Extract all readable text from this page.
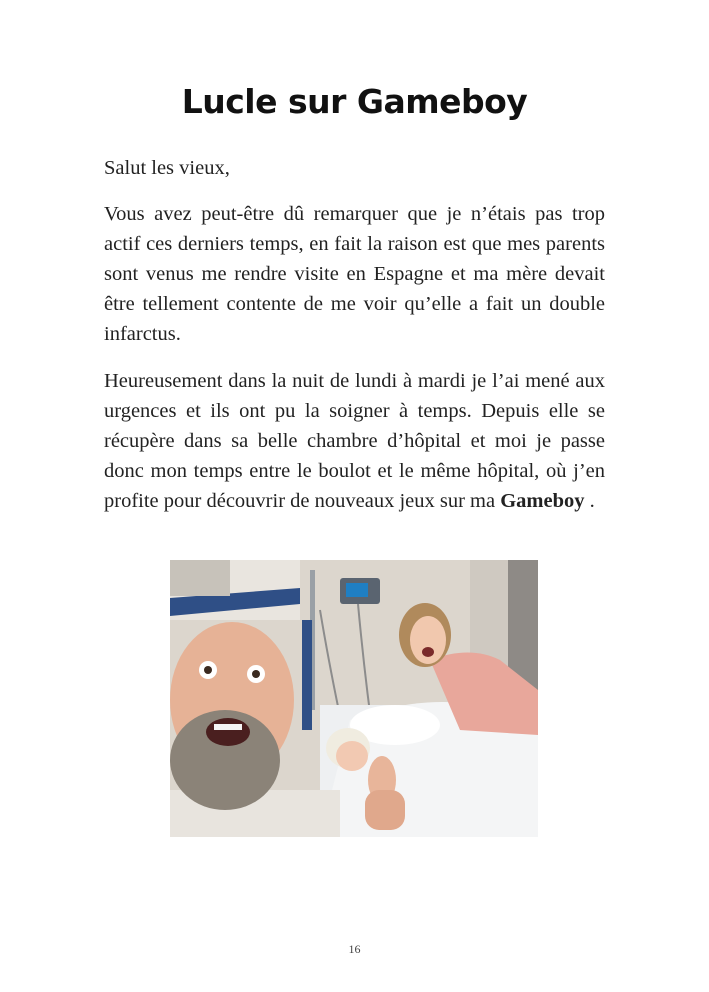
Lucle sur Gameboy

Salut les vieux,

Vous avez peut-être dû remarquer que je n’étais pas trop actif ces derniers temps, en fait la raison est que mes parents sont venus me rendre visite en Espagne et ma mère devait être tellement contente de me voir qu’elle a fait un double infarctus.

Heureusement dans la nuit de lundi à mardi je l’ai mené aux urgences et ils ont pu la soigner à temps. Depuis elle se récupère dans sa belle chambre d’hôpital et moi je passe donc mon temps entre le boulot et le même hôpital, où j’en profite pour découvrir de nouveaux jeux sur ma Gameboy .

16
